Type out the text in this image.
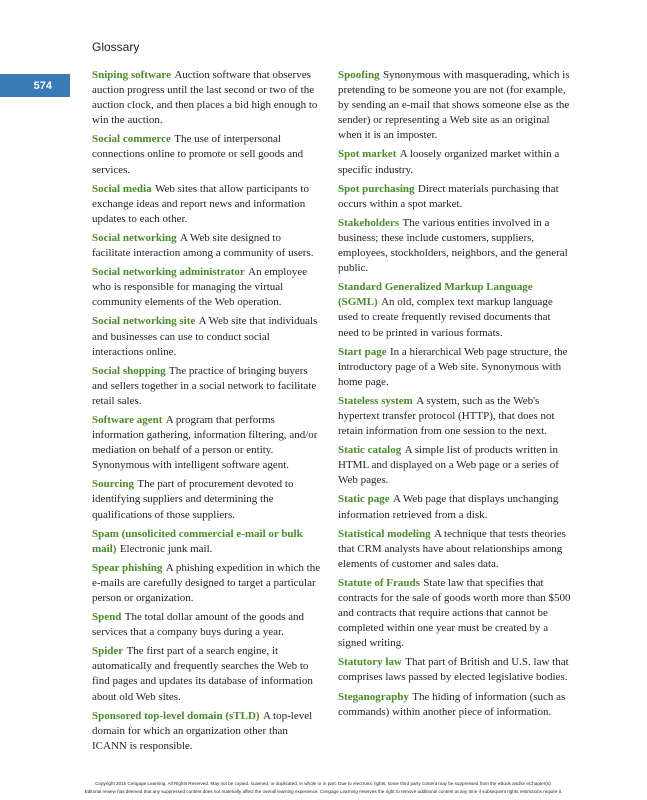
Glossary
574

Sniping software Auction software that observes auction progress until the last second or two of the auction clock, and then places a bid high enough to win the auction.

Social commerce The use of interpersonal connections online to promote or sell goods and services.

Social media Web sites that allow participants to exchange ideas and report news and information updates to each other.

Social networking A Web site designed to facilitate interaction among a community of users.

Social networking administrator An employee who is responsible for managing the virtual community elements of the Web operation.

Social networking site A Web site that individuals and businesses can use to conduct social interactions online.

Social shopping The practice of bringing buyers and sellers together in a social network to facilitate retail sales.

Software agent A program that performs information gathering, information filtering, and/or mediation on behalf of a person or entity. Synonymous with intelligent software agent.

Sourcing The part of procurement devoted to identifying suppliers and determining the qualifications of those suppliers.

Spam (unsolicited commercial e-mail or bulk mail) Electronic junk mail.

Spear phishing A phishing expedition in which the e-mails are carefully designed to target a particular person or organization.

Spend The total dollar amount of the goods and services that a company buys during a year.

Spider The first part of a search engine, it automatically and frequently searches the Web to find pages and updates its database of information about old Web sites.

Sponsored top-level domain (sTLD) A top-level domain for which an organization other than ICANN is responsible.

Spoofing Synonymous with masquerading, which is pretending to be someone you are not (for example, by sending an e-mail that shows someone else as the sender) or representing a Web site as an original when it is an imposter.

Spot market A loosely organized market within a specific industry.

Spot purchasing Direct materials purchasing that occurs within a spot market.

Stakeholders The various entities involved in a business; these include customers, suppliers, employees, stockholders, neighbors, and the general public.

Standard Generalized Markup Language (SGML) An old, complex text markup language used to create frequently revised documents that need to be printed in various formats.

Start page In a hierarchical Web page structure, the introductory page of a Web site. Synonymous with home page.

Stateless system A system, such as the Web's hypertext transfer protocol (HTTP), that does not retain information from one session to the next.

Static catalog A simple list of products written in HTML and displayed on a Web page or a series of Web pages.

Static page A Web page that displays unchanging information retrieved from a disk.

Statistical modeling A technique that tests theories that CRM analysts have about relationships among elements of customer and sales data.

Statute of Frauds State law that specifies that contracts for the sale of goods worth more than $500 and contracts that require actions that cannot be completed within one year must be created by a signed writing.

Statutory law That part of British and U.S. law that comprises laws passed by elected legislative bodies.

Steganography The hiding of information (such as commands) within another piece of information.

Copyright 2015 Cengage Learning. All Rights Reserved. May not be copied, scanned, or duplicated, in whole or in part. Due to electronic rights, some third party content may be suppressed from the eBook and/or eChapter(s).
Editorial review has deemed that any suppressed content does not materially affect the overall learning experience. Cengage Learning reserves the right to remove additional content at any time if subsequent rights restrictions require it.
